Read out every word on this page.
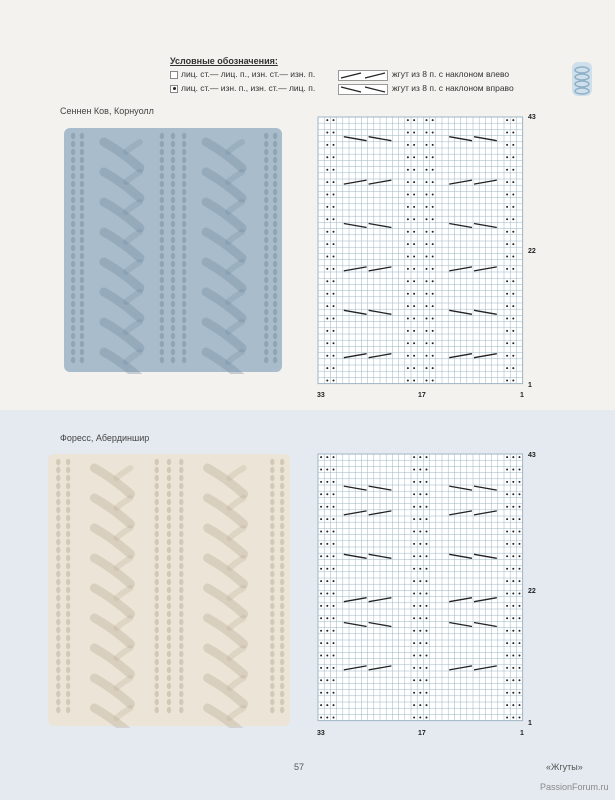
Условные обозначения:
лиц. ст.— лиц. п., изн. ст.— изн. п.	жгут из 8 п. с наклоном влево
лиц. ст.— изн. п., изн. ст.— лиц. п.	жгут из 8 п. с наклоном вправо
Сеннен Ков, Корнуолл
43
22
1
33	17	1
Форесс, Абердиншир
43
22
1
33	17	1
57	«Жгуты»
PassionForum.ru
